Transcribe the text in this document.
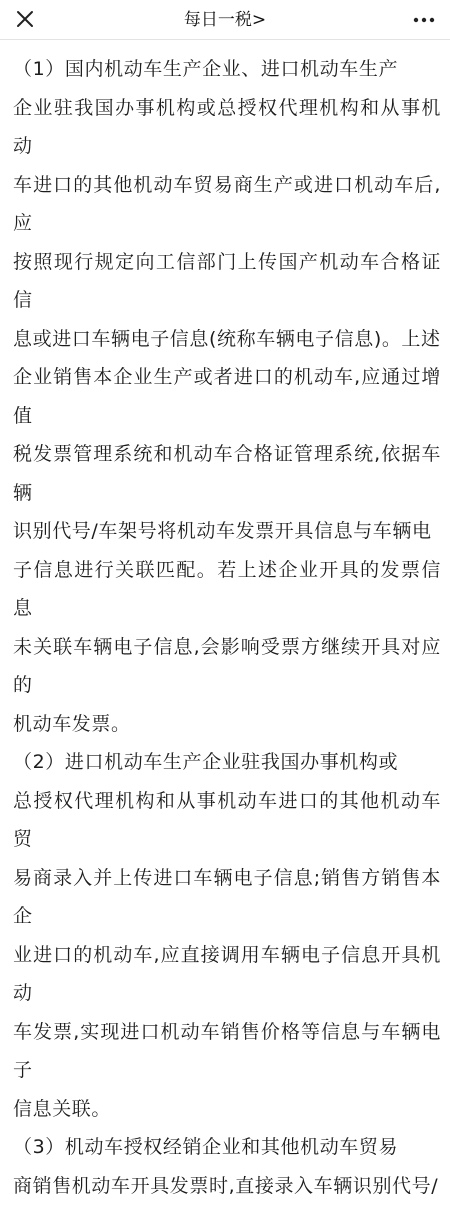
每日一税>
（1）国内机动车生产企业、进口机动车生产
企业驻我国办事机构或总授权代理机构和从事机动
车进口的其他机动车贸易商生产或进口机动车后,应
按照现行规定向工信部门上传国产机动车合格证信
息或进口车辆电子信息(统称车辆电子信息)。上述
企业销售本企业生产或者进口的机动车,应通过增值
税发票管理系统和机动车合格证管理系统,依据车辆
识别代号/车架号将机动车发票开具信息与车辆电
子信息进行关联匹配。若上述企业开具的发票信息
未关联车辆电子信息,会影响受票方继续开具对应的
机动车发票。
（2）进口机动车生产企业驻我国办事机构或
总授权代理机构和从事机动车进口的其他机动车贸
易商录入并上传进口车辆电子信息;销售方销售本企
业进口的机动车,应直接调用车辆电子信息开具机动
车发票,实现进口机动车销售价格等信息与车辆电子
信息关联。
（3）机动车授权经销企业和其他机动车贸易
商销售机动车开具发票时,直接录入车辆识别代号/
